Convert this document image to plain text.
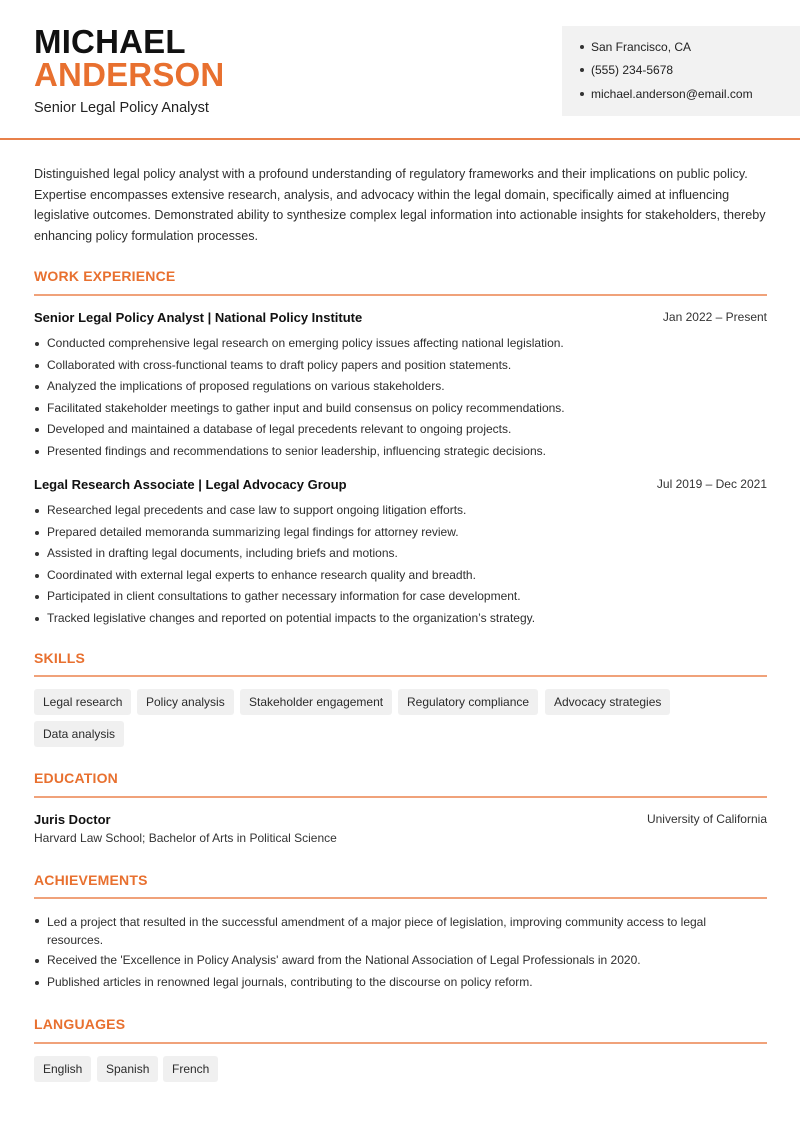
MICHAEL
ANDERSON
Senior Legal Policy Analyst
San Francisco, CA
(555) 234-5678
michael.anderson@email.com
Distinguished legal policy analyst with a profound understanding of regulatory frameworks and their implications on public policy. Expertise encompasses extensive research, analysis, and advocacy within the legal domain, specifically aimed at influencing legislative outcomes. Demonstrated ability to synthesize complex legal information into actionable insights for stakeholders, thereby enhancing policy formulation processes.
WORK EXPERIENCE
Senior Legal Policy Analyst | National Policy Institute	Jan 2022 – Present
Conducted comprehensive legal research on emerging policy issues affecting national legislation.
Collaborated with cross-functional teams to draft policy papers and position statements.
Analyzed the implications of proposed regulations on various stakeholders.
Facilitated stakeholder meetings to gather input and build consensus on policy recommendations.
Developed and maintained a database of legal precedents relevant to ongoing projects.
Presented findings and recommendations to senior leadership, influencing strategic decisions.
Legal Research Associate | Legal Advocacy Group	Jul 2019 – Dec 2021
Researched legal precedents and case law to support ongoing litigation efforts.
Prepared detailed memoranda summarizing legal findings for attorney review.
Assisted in drafting legal documents, including briefs and motions.
Coordinated with external legal experts to enhance research quality and breadth.
Participated in client consultations to gather necessary information for case development.
Tracked legislative changes and reported on potential impacts to the organization’s strategy.
SKILLS
Legal research	Policy analysis	Stakeholder engagement	Regulatory compliance	Advocacy strategies
Data analysis
EDUCATION
Juris Doctor	University of California
Harvard Law School; Bachelor of Arts in Political Science
ACHIEVEMENTS
Led a project that resulted in the successful amendment of a major piece of legislation, improving community access to legal resources.
Received the 'Excellence in Policy Analysis' award from the National Association of Legal Professionals in 2020.
Published articles in renowned legal journals, contributing to the discourse on policy reform.
LANGUAGES
English	Spanish	French
